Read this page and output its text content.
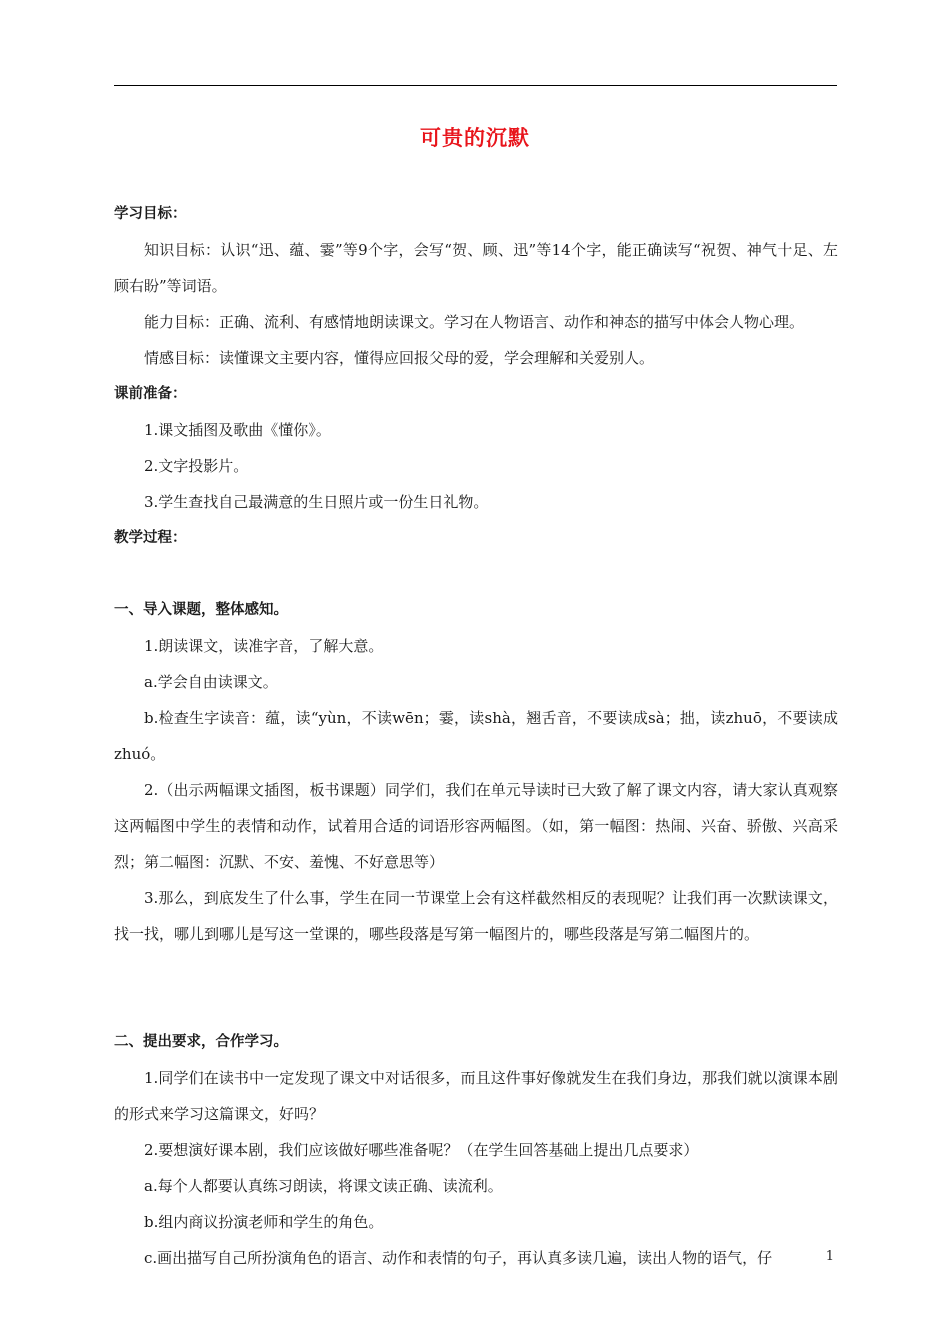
可贵的沉默

学习目标：

知识目标：认识“迅、蕴、霎”等9个字，会写“贺、顾、迅”等14个字，能正确读写“祝贺、神气十足、左顾右盼”等词语。

能力目标：正确、流利、有感情地朗读课文。学习在人物语言、动作和神态的描写中体会人物心理。

情感目标：读懂课文主要内容，懂得应回报父母的爱，学会理解和关爱别人。

课前准备：

1.课文插图及歌曲《懂你》。

2.文字投影片。

3.学生查找自己最满意的生日照片或一份生日礼物。

教学过程：

一、导入课题，整体感知。

1.朗读课文，读准字音，了解大意。

a.学会自由读课文。

b.检查生字读音：蕴，读“yùn，不读wēn；霎，读shà，翘舌音，不要读成sà；拙，读zhuō，不要读成zhuó。

2.（出示两幅课文插图，板书课题）同学们，我们在单元导读时已大致了解了课文内容，请大家认真观察这两幅图中学生的表情和动作，试着用合适的词语形容两幅图。（如，第一幅图：热闹、兴奋、骄傲、兴高采烈；第二幅图：沉默、不安、羞愧、不好意思等）

3.那么，到底发生了什么事，学生在同一节课堂上会有这样截然相反的表现呢？让我们再一次默读课文，找一找，哪儿到哪儿是写这一堂课的，哪些段落是写第一幅图片的，哪些段落是写第二幅图片的。

二、提出要求，合作学习。

1.同学们在读书中一定发现了课文中对话很多，而且这件事好像就发生在我们身边，那我们就以演课本剧的形式来学习这篇课文，好吗？

2.要想演好课本剧，我们应该做好哪些准备呢？（在学生回答基础上提出几点要求）

a.每个人都要认真练习朗读，将课文读正确、读流利。

b.组内商议扮演老师和学生的角色。

c.画出描写自己所扮演角色的语言、动作和表情的句子，再认真多读几遍，读出人物的语气，仔	1
